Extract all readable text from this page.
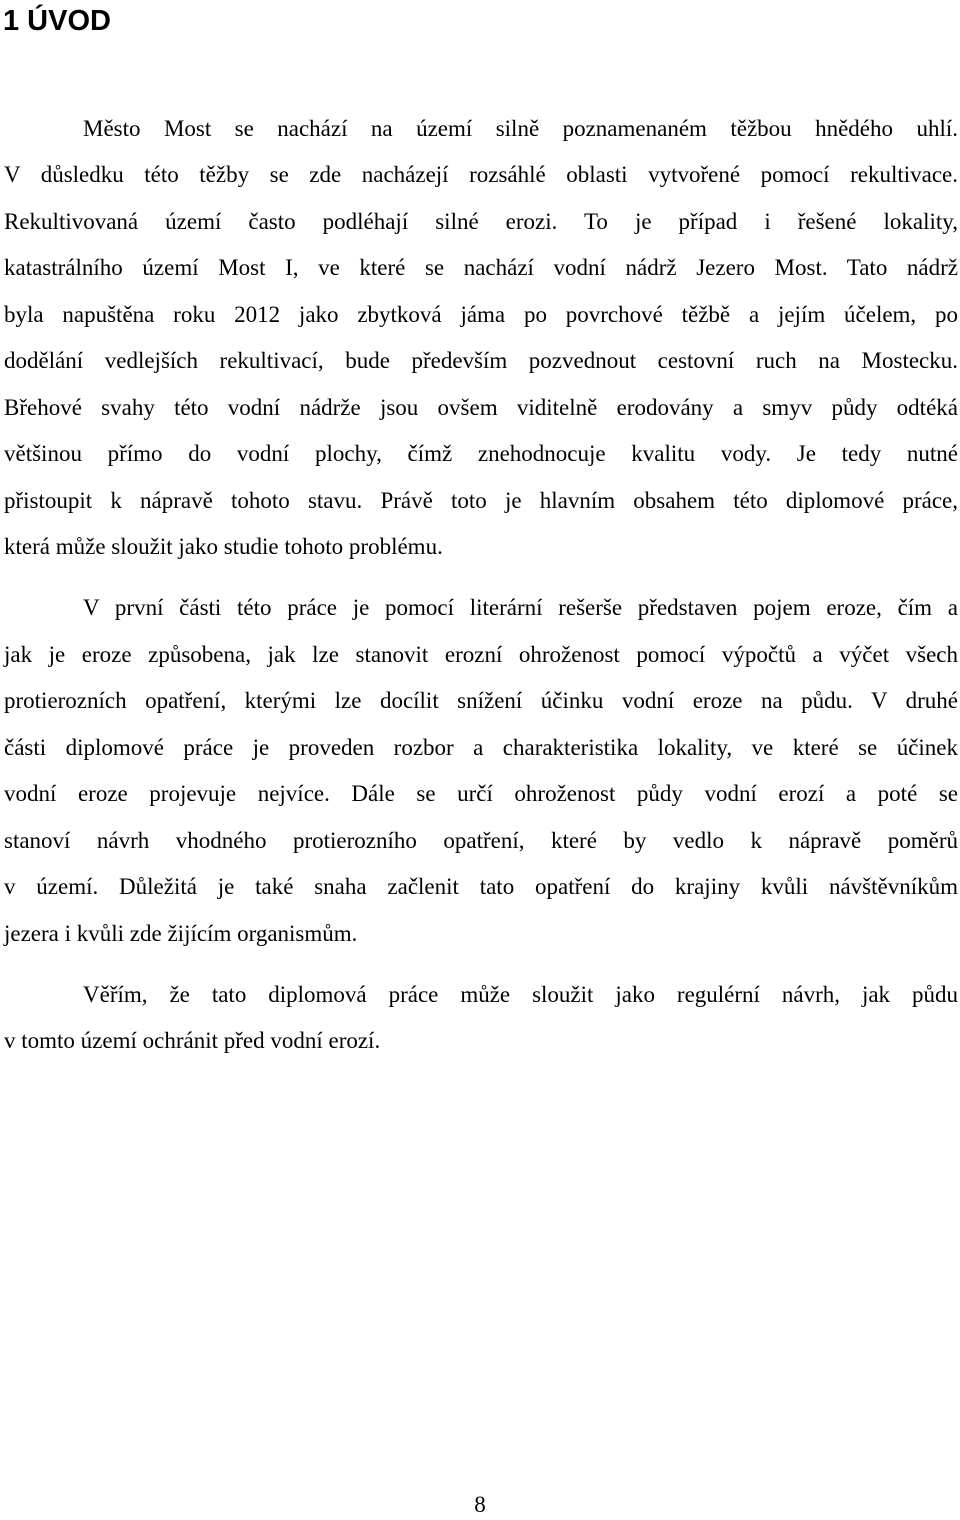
1 ÚVOD

Město Most se nachází na území silně poznamenaném těžbou hnědého uhlí.

V důsledku této těžby se zde nacházejí rozsáhlé oblasti vytvořené pomocí rekultivace.

Rekultivovaná území často podléhají silné erozi. To je případ i řešené lokality,

katastrálního území Most I, ve které se nachází vodní nádrž Jezero Most. Tato nádrž

byla napuštěna roku 2012 jako zbytková jáma po povrchové těžbě a jejím účelem, po

dodělání vedlejších rekultivací, bude především pozvednout cestovní ruch na Mostecku.

Břehové svahy této vodní nádrže jsou ovšem viditelně erodovány a smyv půdy odtéká

většinou přímo do vodní plochy, čímž znehodnocuje kvalitu vody. Je tedy nutné

přistoupit k nápravě tohoto stavu. Právě toto je hlavním obsahem této diplomové práce,

která může sloužit jako studie tohoto problému.

V první části této práce je pomocí literární rešerše představen pojem eroze, čím a

jak je eroze způsobena, jak lze stanovit erozní ohroženost pomocí výpočtů a výčet všech

protierozních opatření, kterými lze docílit snížení účinku vodní eroze na půdu. V druhé

části diplomové práce je proveden rozbor a charakteristika lokality, ve které se účinek

vodní eroze projevuje nejvíce. Dále se určí ohroženost půdy vodní erozí a poté se

stanoví návrh vhodného protierozního opatření, které by vedlo k nápravě poměrů

v území. Důležitá je také snaha začlenit tato opatření do krajiny kvůli návštěvníkům

jezera i kvůli zde žijícím organismům.

Věřím, že tato diplomová práce může sloužit jako regulérní návrh, jak půdu

v tomto území ochránit před vodní erozí.

8
